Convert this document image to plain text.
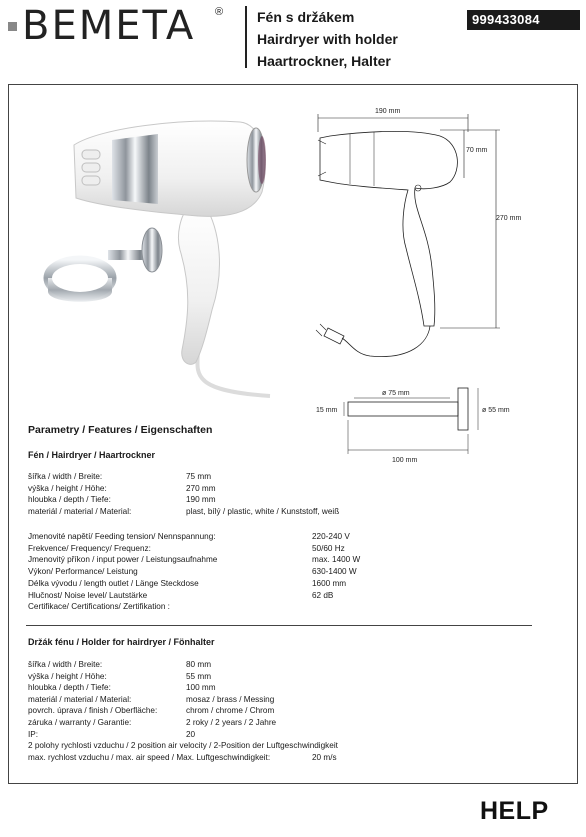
BEMETA ® Fén s držákem
Hairdryer with holder
Haartrockner, Halter
999433084
190 mm
270 mm
70 mm
ø 75 mm
ø 55 mm
15 mm
100 mm
Parametry / Features / Eigenschaften
Fén / Hairdryer / Haartrockner
šířka / width / Breite:	75 mm
výška / height / Höhe:	270 mm
hloubka / depth / Tiefe:	190 mm
materiál / material / Material:	plast, bílý / plastic, white / Kunststoff, weiß
Jmenovité napětí/ Feeding tension/ Nennspannung:	220-240 V
Frekvence/ Frequency/ Frequenz:	50/60 Hz
Jmenovitý příkon / input power / Leistungsaufnahme	max. 1400 W
Výkon/ Performance/ Leistung	630-1400 W
Délka vývodu / length outlet / Länge Steckdose	1600 mm
Hlučnost/ Noise level/ Lautstärke	62 dB
Certifikace/ Certifications/ Zertifikation :
Držák fénu / Holder for hairdryer / Fönhalter
šířka / width / Breite:	80 mm
výška / height / Höhe:	55 mm
hloubka / depth / Tiefe:	100 mm
materiál / material / Material:	mosaz / brass / Messing
povrch. úprava / finish / Oberfläche:	chrom / chrome / Chrom
záruka / warranty / Garantie:	2 roky / 2 years / 2 Jahre
IP:	20
2 polohy rychlosti vzduchu / 2 position air velocity / 2-Position der Luftgeschwindigkeit
max. rychlost vzduchu / max. air speed / Max. Luftgeschwindigkeit:	20 m/s
HELP
